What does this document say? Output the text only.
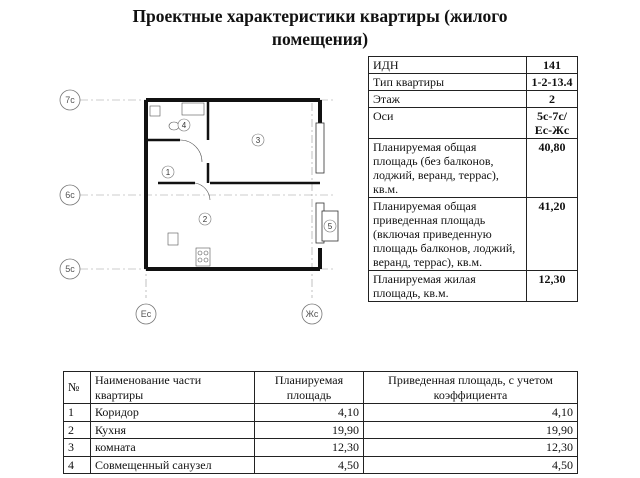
Проектные характеристики квартиры (жилого
помещения)
7с
6с
5с
Ес	Жс
1
2
3
4
5
ИДН	141
Тип квартиры	1-2-13.4
Этаж	2
Оси	5с-7с/Ес-Жс
Планируемая общая площадь (без балконов, лоджий, веранд, террас), кв.м.	40,80
Планируемая общая приведенная площадь (включая приведенную площадь балконов, лоджий, веранд, террас), кв.м.	41,20
Планируемая жилая площадь, кв.м.	12,30
№	Наименование части квартиры	Планируемая площадь	Приведенная площадь, с учетом коэффициента
1	Коридор	4,10	4,10
2	Кухня	19,90	19,90
3	комната	12,30	12,30
4	Совмещенный санузел	4,50	4,50
